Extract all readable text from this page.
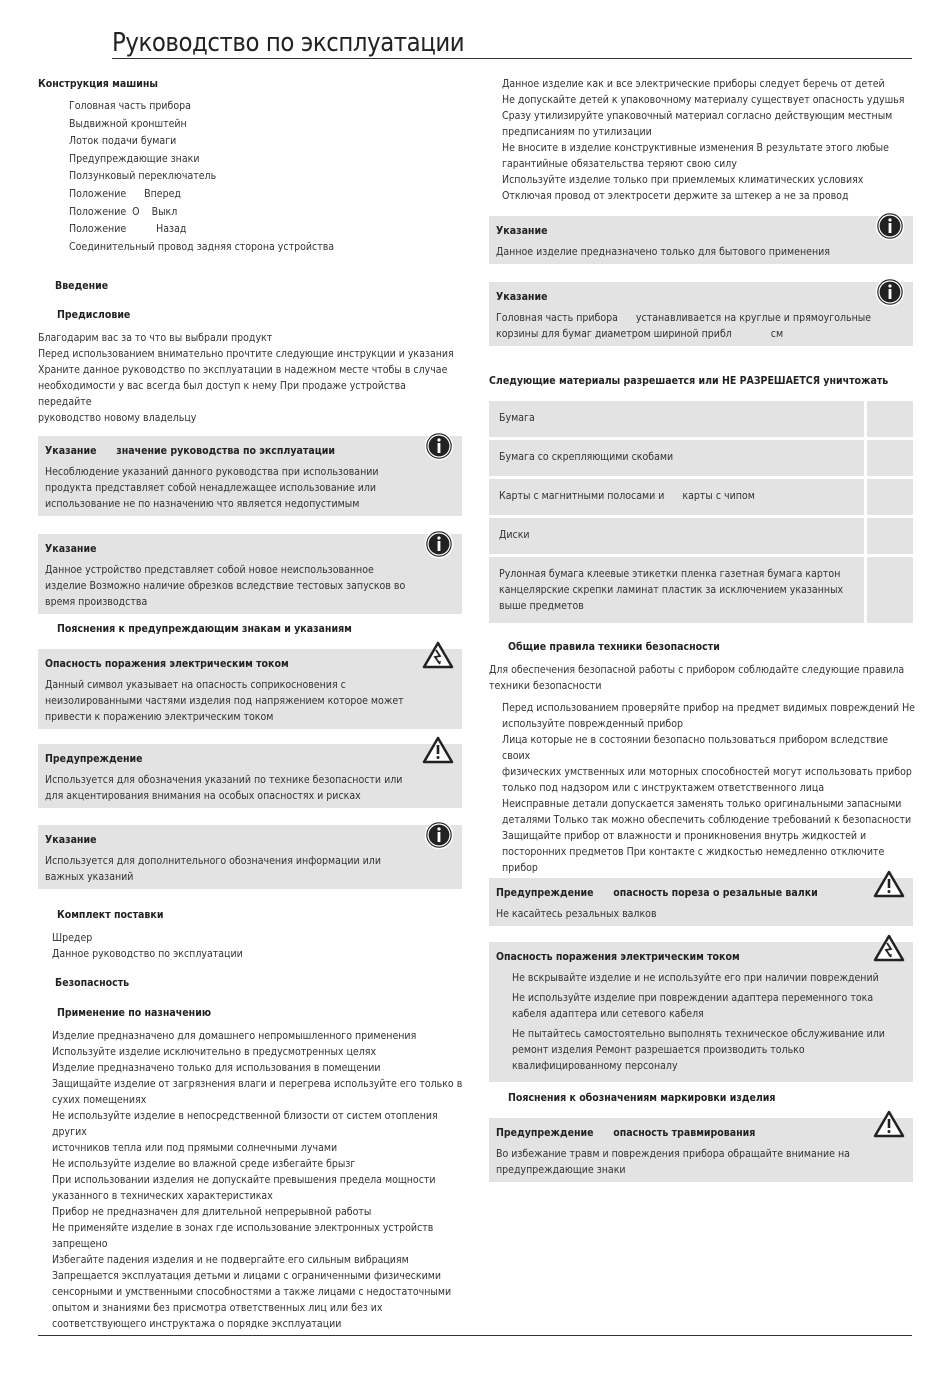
Руководство по эксплуатации
Конструкция машины
Головная часть прибора
Выдвижной кронштейн
Лоток подачи бумаги
Предупреждающие знаки
Ползунковый переключатель
Положение      Вперед
Положение  O    Выкл
Положение          Назад
Соединительный провод задняя сторона устройства
Введение
Предисловие
Благодарим вас за то что вы выбрали продукт
Перед использованием внимательно прочтите следующие инструкции и указания
Храните данное руководство по эксплуатации в надежном месте чтобы в случае
необходимости у вас всегда был доступ к нему При продаже устройства передайте
руководство новому владельцу
Указание      значение руководства по эксплуатации
Несоблюдение указаний данного руководства при использовании продукта представляет собой ненадлежащее использование или использование не по назначению что является недопустимым
Указание
Данное устройство представляет собой новое неиспользованное изделие Возможно наличие обрезков вследствие тестовых запусков во время производства
Пояснения к предупреждающим знакам и указаниям
Опасность поражения электрическим током
Данный символ указывает на опасность соприкосновения с неизолированными частями изделия под напряжением которое может привести к поражению электрическим током
Предупреждение
Используется для обозначения указаний по технике безопасности или для акцентирования внимания на особых опасностях и рисках
Указание
Используется для дополнительного обозначения информации или важных указаний
Комплект поставки
Шредер
Данное руководство по эксплуатации
Безопасность
Применение по назначению
Изделие предназначено для домашнего непромышленного применения
Используйте изделие исключительно в предусмотренных целях
Изделие предназначено только для использования в помещении
Защищайте изделие от загрязнения влаги и перегрева используйте его только в
сухих помещениях
Не используйте изделие в непосредственной близости от систем отопления других
источников тепла или под прямыми солнечными лучами
Не используйте изделие во влажной среде избегайте брызг
При использовании изделия не допускайте превышения предела мощности
указанного в технических характеристиках
Прибор не предназначен для длительной непрерывной работы
Не применяйте изделие в зонах где использование электронных устройств
запрещено
Избегайте падения изделия и не подвергайте его сильным вибрациям
Запрещается эксплуатация детьми и лицами с ограниченными физическими
сенсорными и умственными способностями а также лицами с недостаточными
опытом и знаниями без присмотра ответственных лиц или без их
соответствующего инструктажа о порядке эксплуатации
Данное изделие как и все электрические приборы следует беречь от детей
Не допускайте детей к упаковочному материалу существует опасность удушья
Сразу утилизируйте упаковочный материал согласно действующим местным
предписаниям по утилизации
Не вносите в изделие конструктивные изменения В результате этого любые
гарантийные обязательства теряют свою силу
Используйте изделие только при приемлемых климатических условиях
Отключая провод от электросети держите за штекер а не за провод
Указание
Данное изделие предназначено только для бытового применения
Указание
Головная часть прибора      устанавливается на круглые и прямоугольные корзины для бумаг диаметром шириной прибл             см
Следующие материалы разрешается или НЕ РАЗРЕШАЕТСЯ уничтожать
Бумага	
Бумага со скрепляющими скобами	
Карты с магнитными полосами и      карты с чипом	
Диски	
Рулонная бумага клеевые этикетки пленка газетная бумага картон канцелярские скрепки ламинат пластик за исключением указанных выше предметов	
Общие правила техники безопасности
Для обеспечения безопасной работы с прибором соблюдайте следующие правила техники безопасности
Перед использованием проверяйте прибор на предмет видимых повреждений Не
используйте поврежденный прибор
Лица которые не в состоянии безопасно пользоваться прибором вследствие своих
физических умственных или моторных способностей могут использовать прибор
только под надзором или с инструктажем ответственного лица
Неисправные детали допускается заменять только оригинальными запасными
деталями Только так можно обеспечить соблюдение требований к безопасности
Защищайте прибор от влажности и проникновения внутрь жидкостей и
посторонних предметов При контакте с жидкостью немедленно отключите прибор
Предупреждение      опасность пореза о резальные валки
Не касайтесь резальных валков
Опасность поражения электрическим током
Не вскрывайте изделие и не используйте его при наличии повреждений
Не используйте изделие при повреждении адаптера переменного тока кабеля адаптера или сетевого кабеля
Не пытайтесь самостоятельно выполнять техническое обслуживание или ремонт изделия Ремонт разрешается производить только квалифицированному персоналу
Пояснения к обозначениям маркировки изделия
Предупреждение      опасность травмирования
Во избежание травм и повреждения прибора обращайте внимание на предупреждающие знаки
